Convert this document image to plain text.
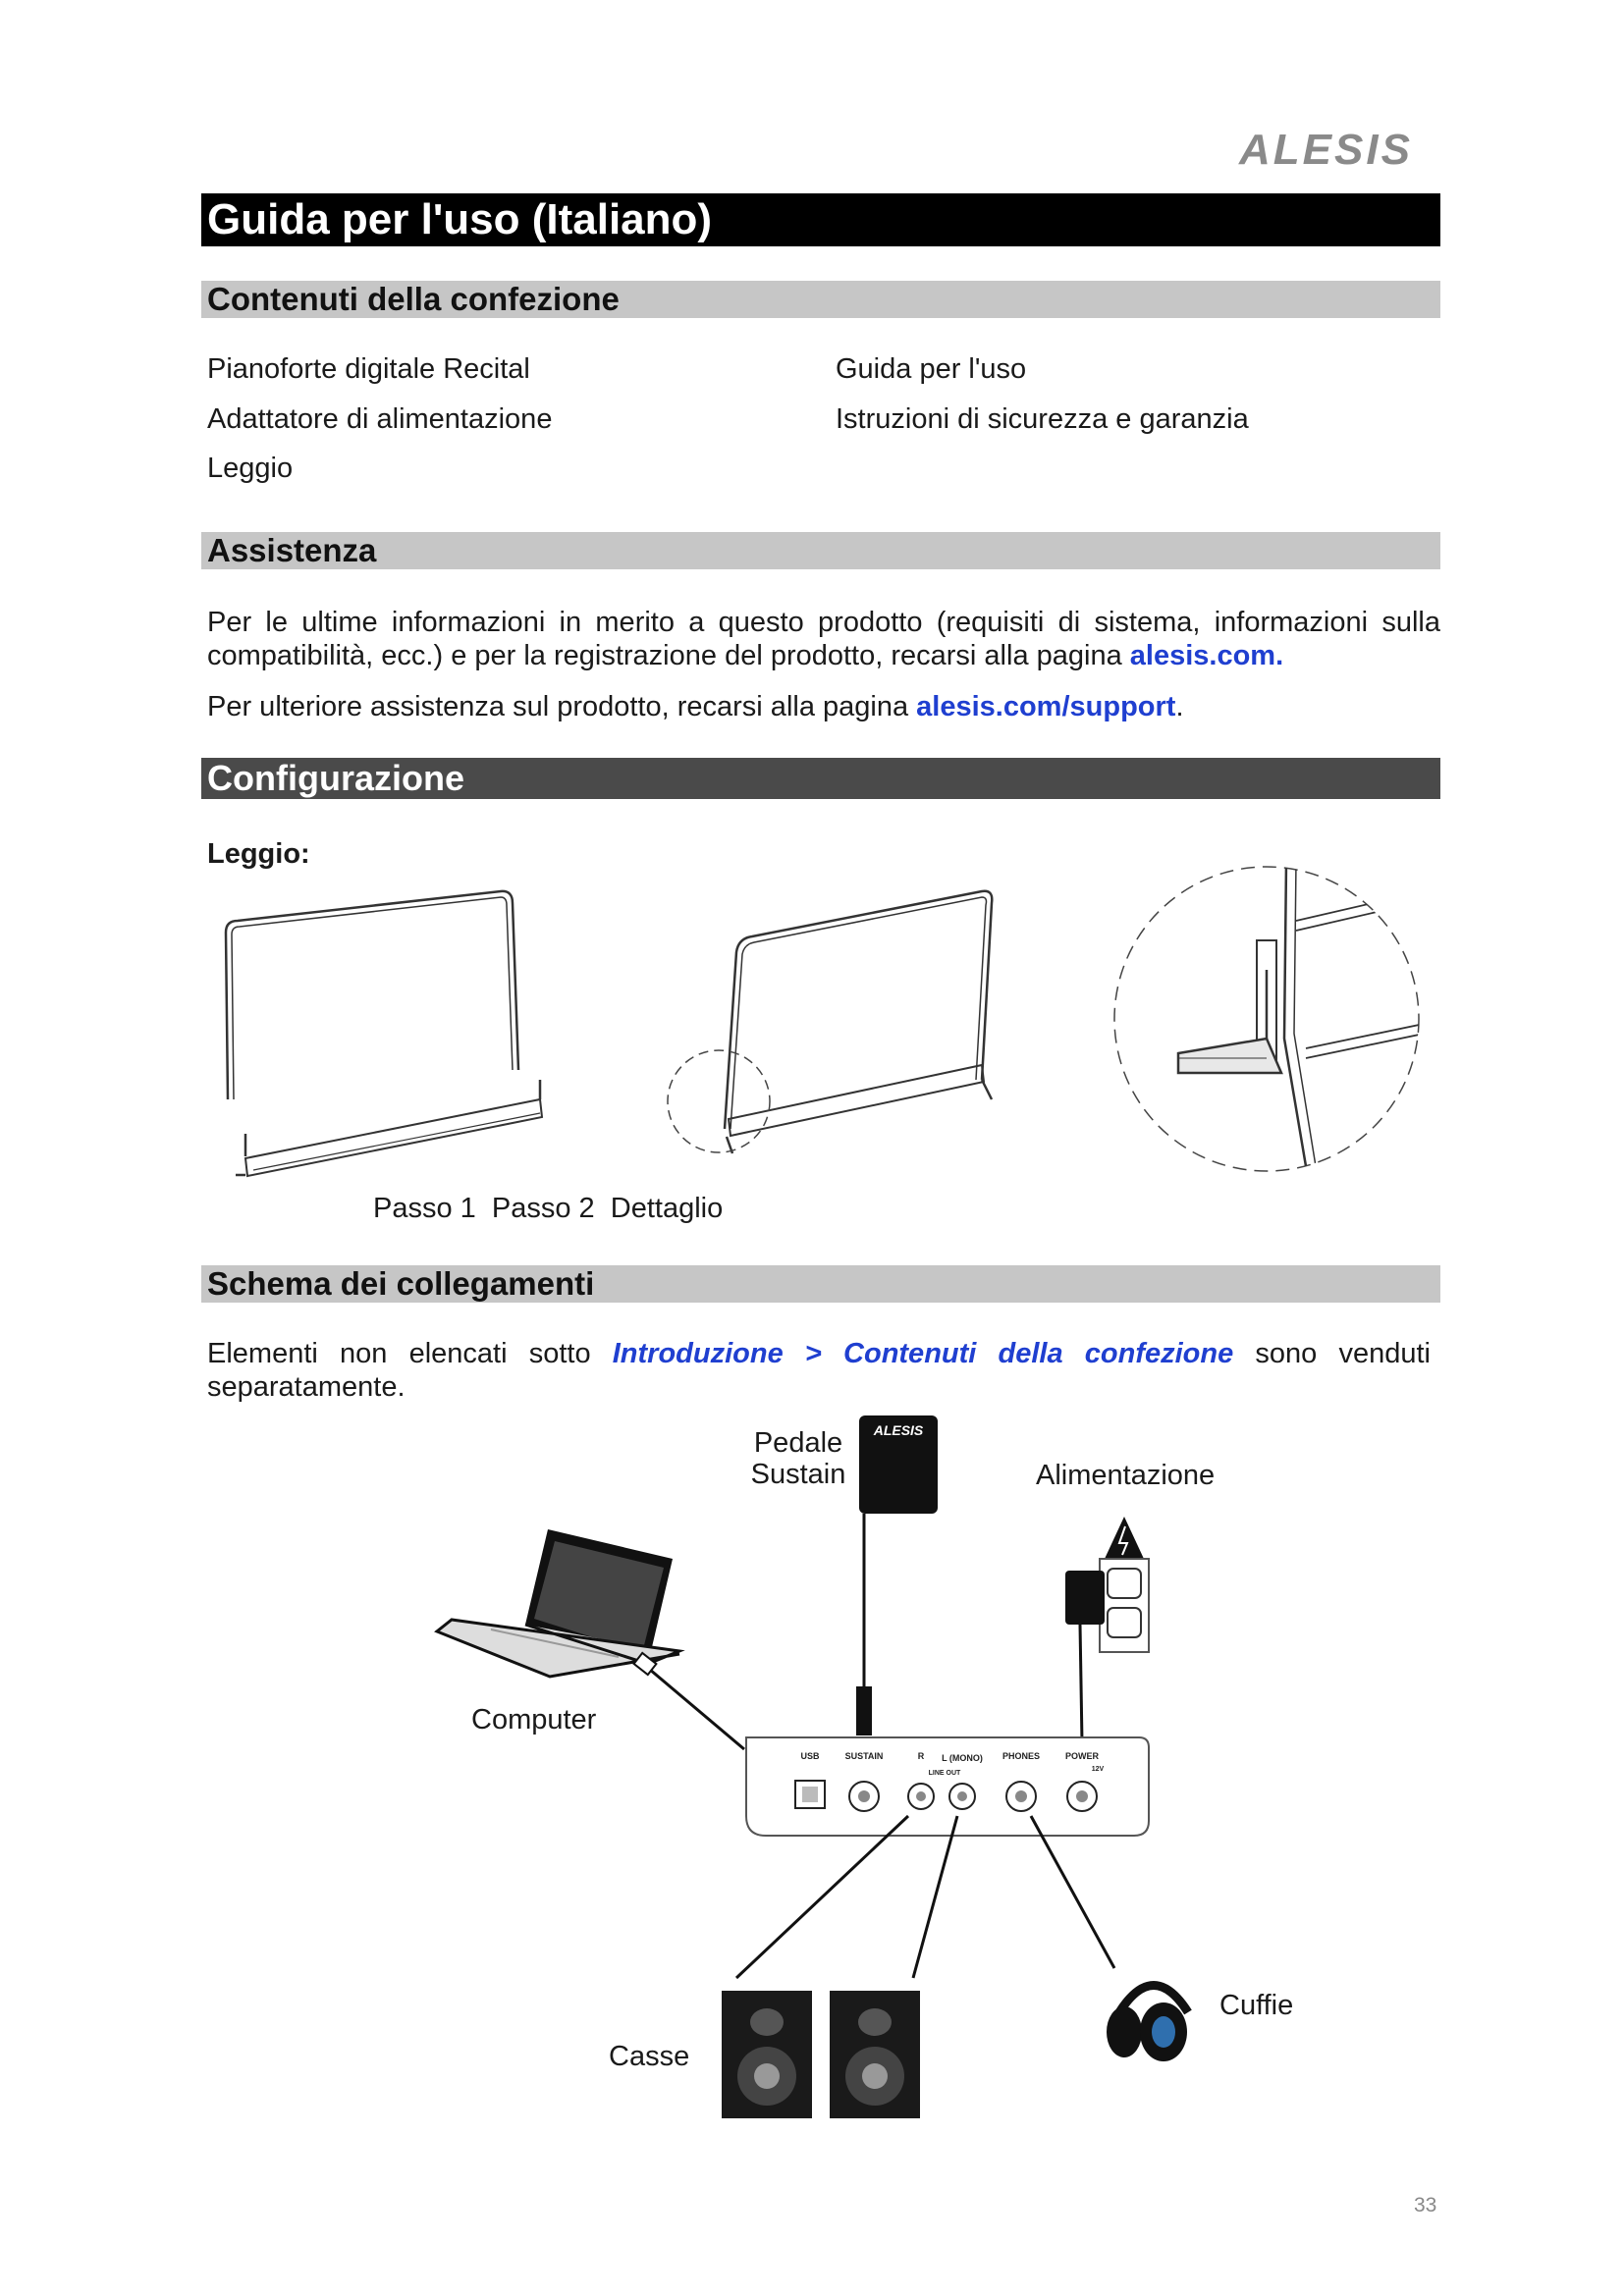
ALESIS
Guida per l'uso (Italiano)
Contenuti della confezione
Pianoforte digitale Recital
Adattatore di alimentazione
Leggio
Guida per l'uso
Istruzioni di sicurezza e garanzia
Assistenza
Per le ultime informazioni in merito a questo prodotto (requisiti di sistema, informazioni sulla compatibilità, ecc.) e per la registrazione del prodotto, recarsi alla pagina alesis.com.
Per ulteriore assistenza sul prodotto, recarsi alla pagina alesis.com/support.
Configurazione
Leggio:
Passo 1  Passo 2  Dettaglio
Schema dei collegamenti
Elementi non elencati sotto Introduzione > Contenuti della confezione sono venduti separatamente.
ALESIS
USB	SUSTAIN	R L (MONO)
LINE OUT
PHONES	POWER
12V
Pedale
Sustain	Alimentazione
Computer
Casse
Cuffie
33
